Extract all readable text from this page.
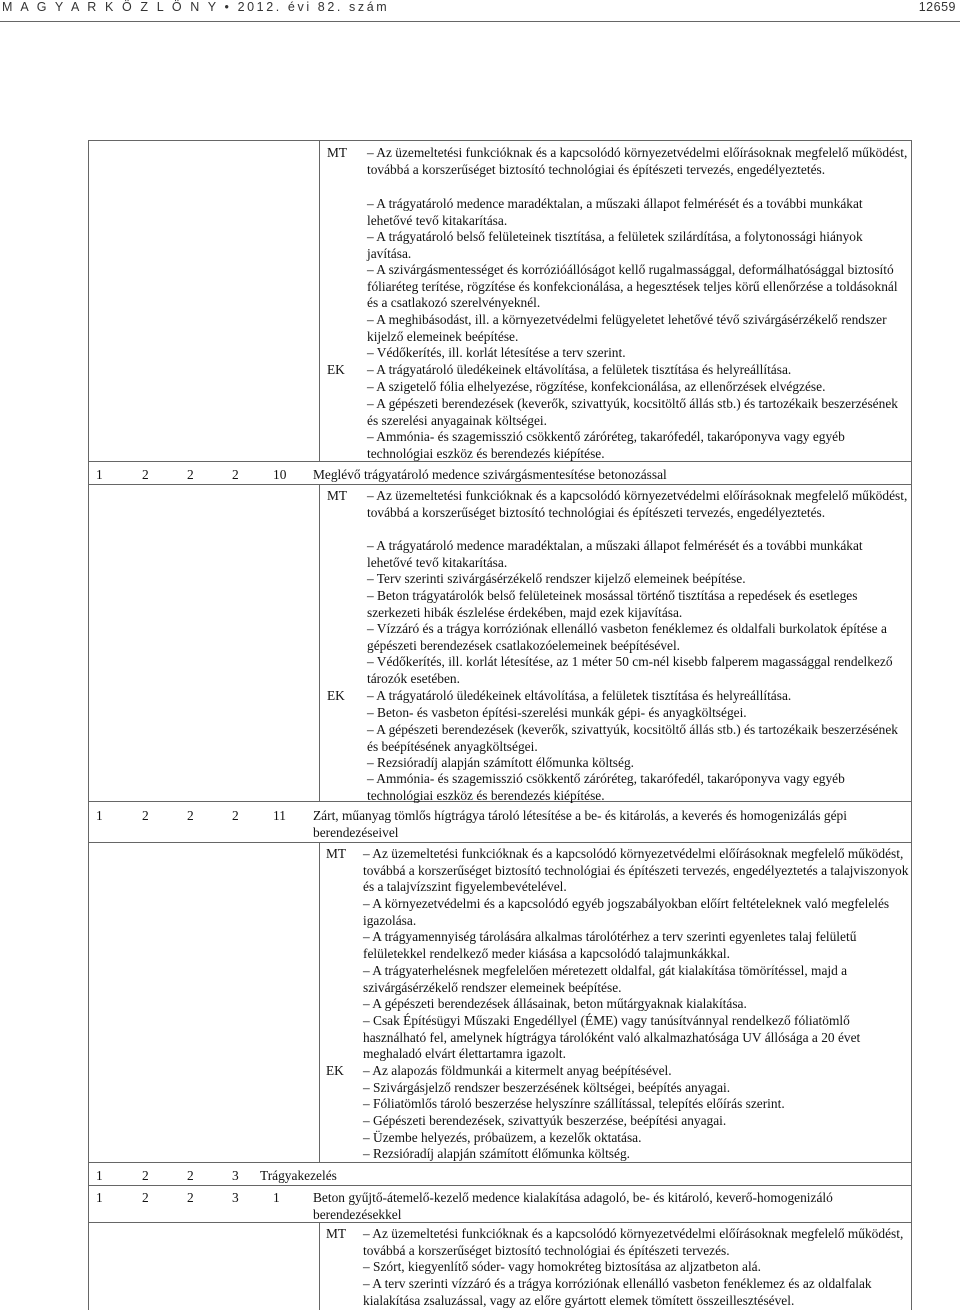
M A G Y A R K Ö Z L Ö N Y • 2012. évi 82. szám	12659
MT – Az üzemeltetési funkcióknak és a kapcsolódó környezetvédelmi előírásoknak megfelelő működést, továbbá a korszerűséget biztosító technológiai és építészeti tervezés, engedélyeztetés.
– A trágyatároló medence maradéktalan, a műszaki állapot felmérését és a további munkákat lehetővé tevő kitakarítása.
– A trágyatároló belső felületeinek tisztítása, a felületek szilárdítása, a folytonossági hiányok javítása.
– A szivárgásmentességet és korrózióállóságot kellő rugalmassággal, deformálhatósággal biztosító fóliaréteg terítése, rögzítése és konfekcionálása, a hegesztések teljes körű ellenőrzése a toldásoknál és a csatlakozó szerelvényeknél.
– A meghibásodást, ill. a környezetvédelmi felügyeletet lehetővé tévő szivárgásérzékelő rendszer kijelző elemeinek beépítése.
– Védőkerítés, ill. korlát létesítése a terv szerint.
EK – A trágyatároló üledékeinek eltávolítása, a felületek tisztítása és helyreállítása.
– A szigetelő fólia elhelyezése, rögzítése, konfekcionálása, az ellenőrzések elvégzése.
– A gépészeti berendezések (keverők, szivattyúk, kocsitöltő állás stb.) és tartozékaik beszerzésének és szerelési anyagainak költségei.
– Ammónia- és szagemisszió csökkentő záróréteg, takarófedél, takaróponyva vagy egyéb technológiai eszköz és berendezés kiépítése.
1	2	2	2	10 Meglévő trágyatároló medence szivárgásmentesítése betonozással
MT – Az üzemeltetési funkcióknak és a kapcsolódó környezetvédelmi előírásoknak megfelelő működést, továbbá a korszerűséget biztosító technológiai és építészeti tervezés, engedélyeztetés.
– A trágyatároló medence maradéktalan, a műszaki állapot felmérését és a további munkákat lehetővé tevő kitakarítása.
– Terv szerinti szivárgásérzékelő rendszer kijelző elemeinek beépítése.
– Beton trágyatárolók belső felületeinek mosással történő tisztítása a repedések és esetleges szerkezeti hibák észlelése érdekében, majd ezek kijavítása.
– Vízzáró és a trágya korróziónak ellenálló vasbeton fenéklemez és oldalfali burkolatok építése a gépészeti berendezések csatlakozóelemeinek beépítésével.
– Védőkerítés, ill. korlát létesítése, az 1 méter 50 cm-nél kisebb falperem magassággal rendelkező tározók esetében.
EK – A trágyatároló üledékeinek eltávolítása, a felületek tisztítása és helyreállítása.
– Beton- és vasbeton építési-szerelési munkák gépi- és anyagköltségei.
– A gépészeti berendezések (keverők, szivattyúk, kocsitöltő állás stb.) és tartozékaik beszerzésének és beépítésének anyagköltségei.
– Rezsióradíj alapján számított élőmunka költség.
– Ammónia- és szagemisszió csökkentő záróréteg, takarófedél, takaróponyva vagy egyéb technológiai eszköz és berendezés kiépítése.
1	2	2	2	11 Zárt, műanyag tömlős hígtrágya tároló létesítése a be- és kitárolás, a keverés és homogenizálás gépi berendezéseivel
MT – Az üzemeltetési funkcióknak és a kapcsolódó környezetvédelmi előírásoknak megfelelő működést, továbbá a korszerűséget biztosító technológiai és építészeti tervezés, engedélyeztetés a talajviszonyok és a talajvízszint figyelembevételével.
– A környezetvédelmi és a kapcsolódó egyéb jogszabályokban előírt feltételeknek való megfelelés igazolása.
– A trágyamennyiség tárolására alkalmas tárolótérhez a terv szerinti egyenletes talaj felületű felületekkel rendelkező meder kiásása a kapcsolódó talajmunkákkal.
– A trágyaterhelésnek megfelelően méretezett oldalfal, gát kialakítása tömörítéssel, majd a szivárgásérzékelő rendszer elemeinek beépítése.
– A gépészeti berendezések állásainak, beton műtárgyaknak kialakítása.
– Csak Építésügyi Műszaki Engedéllyel (ÉME) vagy tanúsítvánnyal rendelkező fóliatömlő használható fel, amelynek hígtrágya tárolóként való alkalmazhatósága UV állósága a 20 évet meghaladó elvárt élettartamra igazolt.
EK – Az alapozás földmunkái a kitermelt anyag beépítésével.
– Szivárgásjelző rendszer beszerzésének költségei, beépítés anyagai.
– Fóliatömlős tároló beszerzése helyszínre szállítással, telepítés előírás szerint.
– Gépészeti berendezések, szivattyúk beszerzése, beépítési anyagai.
– Üzembe helyezés, próbaüzem, a kezelők oktatása.
– Rezsióradíj alapján számított élőmunka költség.
1	2	2	3 Trágyakezelés
1	2	2	3	1 Beton gyűjtő-átemelő-kezelő medence kialakítása adagoló, be- és kitároló, keverő-homogenizáló berendezésekkel
MT – Az üzemeltetési funkcióknak és a kapcsolódó környezetvédelmi előírásoknak megfelelő működést, továbbá a korszerűséget biztosító technológiai és építészeti tervezés.
– Szórt, kiegyenlítő sóder- vagy homokréteg biztosítása az aljzatbeton alá.
– A terv szerinti vízzáró és a trágya korróziónak ellenálló vasbeton fenéklemez és az oldalfalak kialakítása zsaluzással, vagy az előre gyártott elemek tömített összeillesztésével.
